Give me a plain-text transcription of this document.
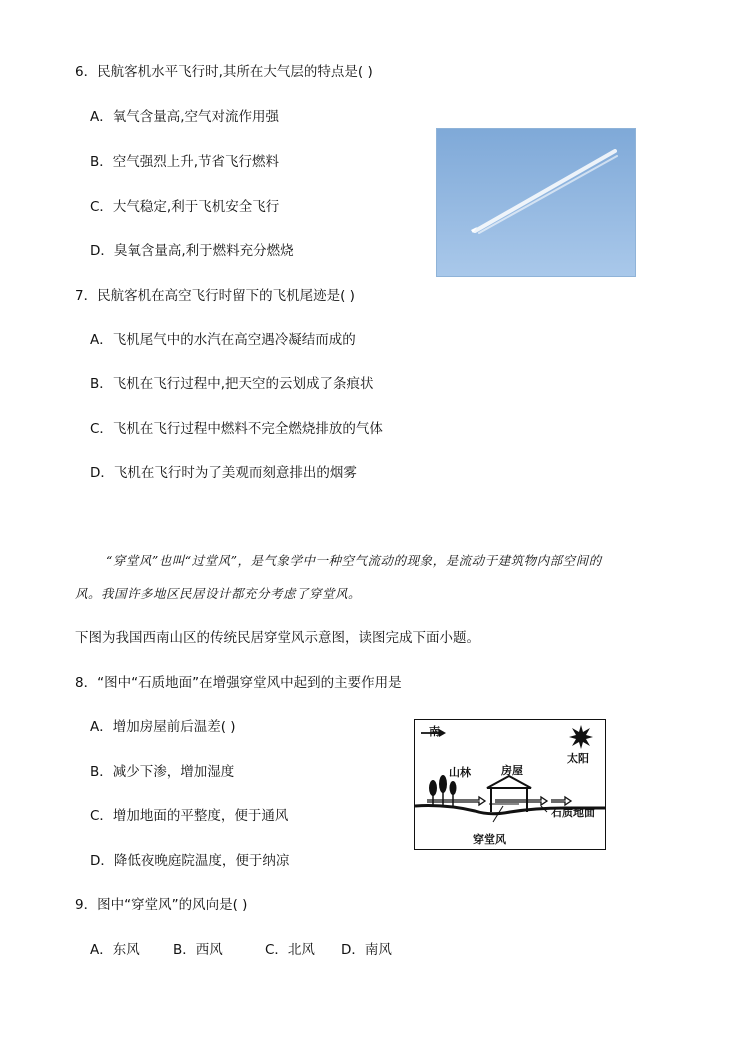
6．民航客机水平飞行时,其所在大气层的特点是( )
A．氧气含量高,空气对流作用强
B．空气强烈上升,节省飞行燃料
C．大气稳定,利于飞机安全飞行
D．臭氧含量高,利于燃料充分燃烧
7．民航客机在高空飞行时留下的飞机尾迹是( )
A．飞机尾气中的水汽在高空遇冷凝结而成的
B．飞机在飞行过程中,把天空的云划成了条痕状
C．飞机在飞行过程中燃料不完全燃烧排放的气体
D．飞机在飞行时为了美观而刻意排出的烟雾
“穿堂风”也叫“过堂风”，是气象学中一种空气流动的现象，是流动于建筑物内部空间的
风。我国许多地区民居设计都充分考虑了穿堂风。
下图为我国西南山区的传统民居穿堂风示意图，读图完成下面小题。
8．“图中“石质地面”在增强穿堂风中起到的主要作用是
A．增加房屋前后温差( )
B．减少下渗，增加湿度
C．增加地面的平整度，便于通风
D．降低夜晚庭院温度，便于纳凉
南
太阳
山林	房屋
石质地面
穿堂风
9．图中“穿堂风”的风向是( )
A．东风 B．西风	C．北风 D．南风
